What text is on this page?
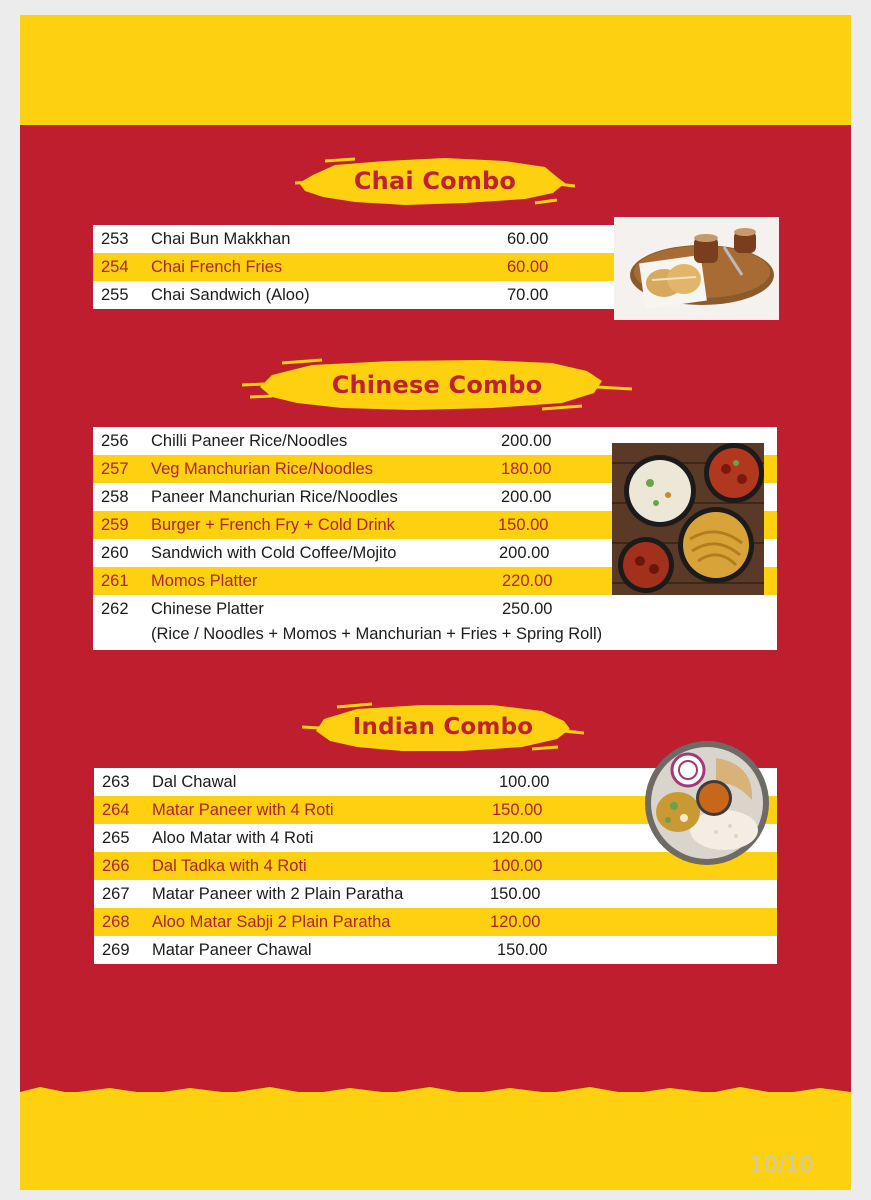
Chai Combo
253 Chai Bun Makkhan	60.00
254 Chai French Fries	60.00
255 Chai Sandwich (Aloo)	70.00
Chinese Combo
256 Chilli Paneer Rice/Noodles	200.00
257 Veg Manchurian Rice/Noodles	180.00
258 Paneer Manchurian Rice/Noodles	200.00
259 Burger + French Fry + Cold Drink	150.00
260 Sandwich with Cold Coffee/Mojito	200.00
261 Momos Platter	220.00
262 Chinese Platter	250.00
(Rice / Noodles + Momos + Manchurian + Fries + Spring Roll)
Indian Combo
263 Dal Chawal	100.00
264 Matar Paneer with 4 Roti	150.00
265 Aloo Matar with 4 Roti	120.00
266 Dal Tadka with 4 Roti	100.00
267 Matar Paneer with 2 Plain Paratha	150.00
268 Aloo Matar Sabji 2 Plain Paratha	120.00
269 Matar Paneer Chawal	150.00
10/10
